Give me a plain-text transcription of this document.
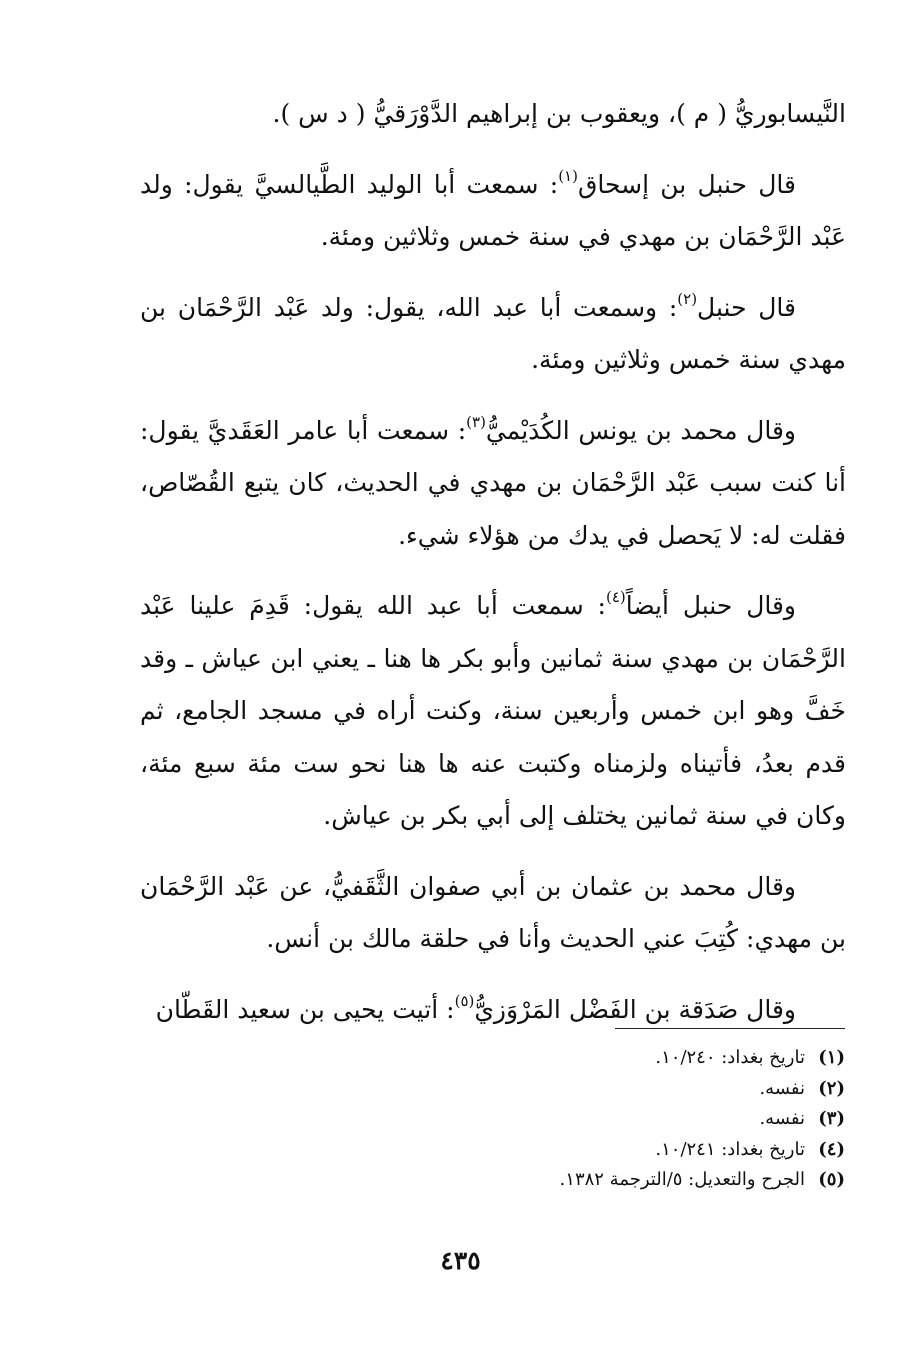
النَّيسابوريُّ ( م )، ويعقوب بن إبراهيم الدَّوْرَقيُّ ( د س ).

قال حنبل بن إسحاق$^{(١)}$: سمعت أبا الوليد الطَّيالسيَّ يقول: ولد عَبْد الرَّحْمَان بن مهدي في سنة خمس وثلاثين ومئة.

قال حنبل$^{(٢)}$: وسمعت أبا عبد الله، يقول: ولد عَبْد الرَّحْمَان بن مهدي سنة خمس وثلاثين ومئة.

وقال محمد بن يونس الكُدَيْميُّ$^{(٣)}$: سمعت أبا عامر العَقَديَّ يقول: أنا كنت سبب عَبْد الرَّحْمَان بن مهدي في الحديث، كان يتبع القُصّاص، فقلت له: لا يَحصل في يدك من هؤلاء شيء.

وقال حنبل أيضاً$^{(٤)}$: سمعت أبا عبد الله يقول: قَدِمَ علينا عَبْد الرَّحْمَان بن مهدي سنة ثمانين وأبو بكر ها هنا ـ يعني ابن عياش ـ وقد خَفَّ وهو ابن خمس وأربعين سنة، وكنت أراه في مسجد الجامع، ثم قدم بعدُ، فأتيناه ولزمناه وكتبت عنه ها هنا نحو ست مئة سبع مئة، وكان في سنة ثمانين يختلف إلى أبي بكر بن عياش.

وقال محمد بن عثمان بن أبي صفوان الثَّقَفيُّ، عن عَبْد الرَّحْمَان بن مهدي: كُتِبَ عني الحديث وأنا في حلقة مالك بن أنس.

وقال صَدَقة بن الفَضْل المَرْوَزيُّ$^{(٥)}$: أتيت يحيى بن سعيد القَطّان

(١)
تاريخ بغداد: ١٠/٢٤٠.
(٢)
نفسه.
(٣)
نفسه.
(٤)
تاريخ بغداد: ١٠/٢٤١.
(٥)
الجرح والتعديل: ٥/الترجمة ١٣٨٢.
٤٣٥
